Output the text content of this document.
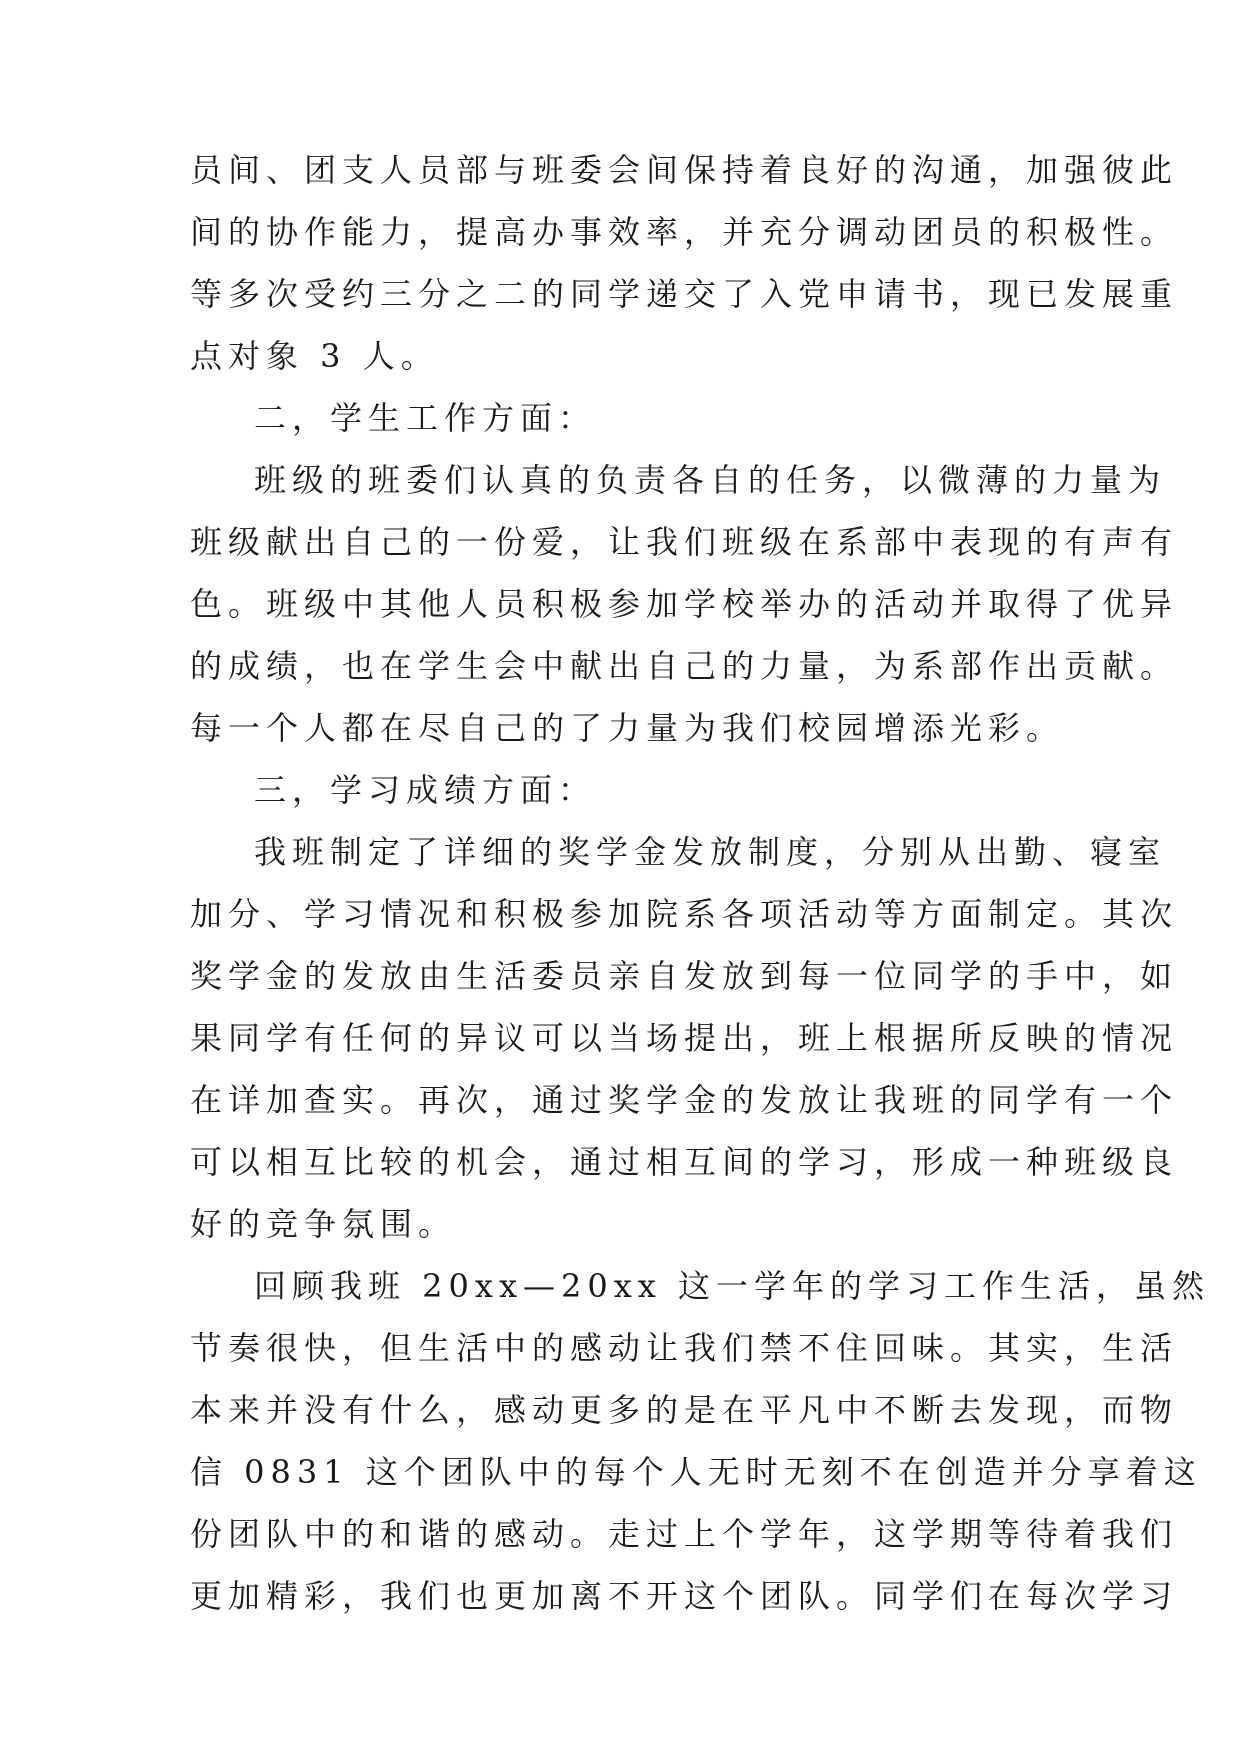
员间、团支人员部与班委会间保持着良好的沟通，加强彼此
间的协作能力，提高办事效率，并充分调动团员的积极性。
等多次受约三分之二的同学递交了入党申请书，现已发展重
点对象 3 人。
二，学生工作方面：
班级的班委们认真的负责各自的任务，以微薄的力量为
班级献出自己的一份爱，让我们班级在系部中表现的有声有
色。班级中其他人员积极参加学校举办的活动并取得了优异
的成绩，也在学生会中献出自己的力量，为系部作出贡献。
每一个人都在尽自己的了力量为我们校园增添光彩。
三，学习成绩方面：
我班制定了详细的奖学金发放制度，分别从出勤、寝室
加分、学习情况和积极参加院系各项活动等方面制定。其次
奖学金的发放由生活委员亲自发放到每一位同学的手中，如
果同学有任何的异议可以当场提出，班上根据所反映的情况
在详加查实。再次，通过奖学金的发放让我班的同学有一个
可以相互比较的机会，通过相互间的学习，形成一种班级良
好的竞争氛围。
回顾我班 20xx—20xx 这一学年的学习工作生活，虽然
节奏很快，但生活中的感动让我们禁不住回味。其实，生活
本来并没有什么，感动更多的是在平凡中不断去发现，而物
信 0831 这个团队中的每个人无时无刻不在创造并分享着这
份团队中的和谐的感动。走过上个学年，这学期等待着我们
更加精彩，我们也更加离不开这个团队。同学们在每次学习
